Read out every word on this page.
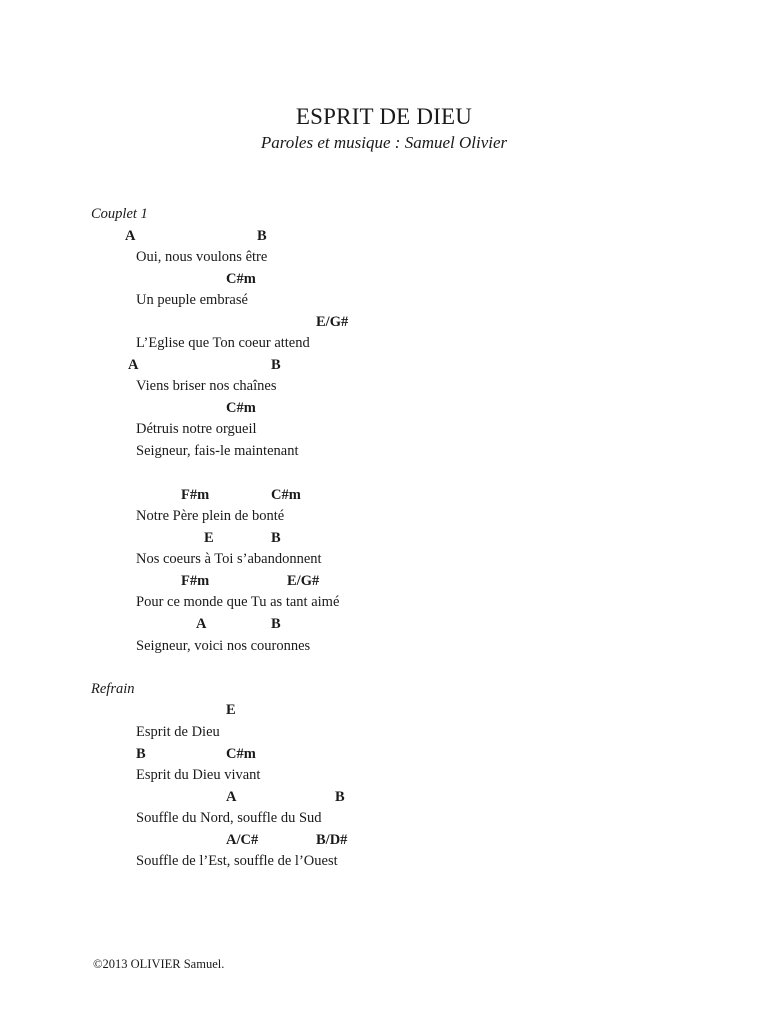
ESPRIT DE DIEU
Paroles et musique : Samuel Olivier
Couplet 1
A	B
Oui, nous voulons être
C#m
Un peuple embrasé
E/G#
L’Eglise que Ton coeur attend
A	B
Viens briser nos chaînes
C#m
Détruis notre orgueil
Seigneur, fais-le maintenant
F#m	C#m
Notre Père plein de bonté
E	B
Nos coeurs à Toi s’abandonnent
F#m	E/G#
Pour ce monde que Tu as tant aimé
A	B
Seigneur, voici nos couronnes
Refrain
E
Esprit de Dieu
B	C#m
Esprit du Dieu vivant
A	B
Souffle du Nord, souffle du Sud
A/C#	B/D#
Souffle de l’Est, souffle de l’Ouest
©2013 OLIVIER Samuel.
